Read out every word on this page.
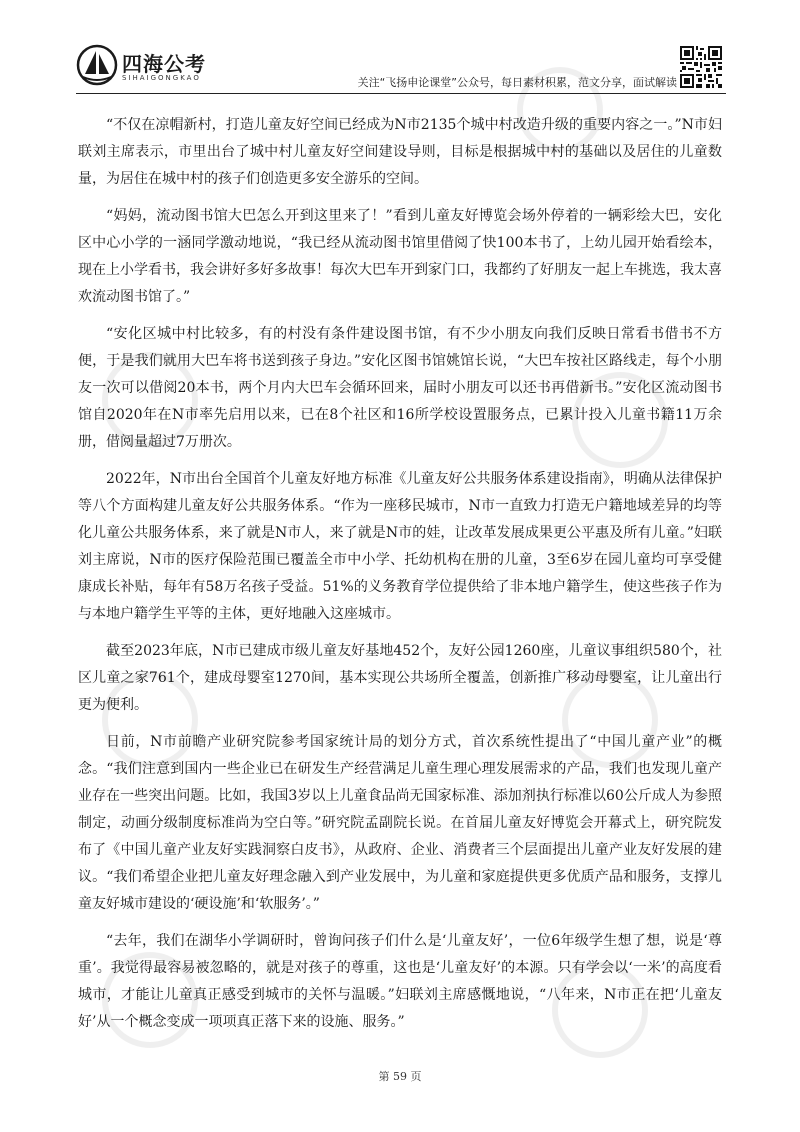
四海公考
SIHAIGONGKAO	关注“飞扬申论课堂”公众号，每日素材积累，范文分享，面试解读

“不仅在凉帽新村，打造儿童友好空间已经成为N市2135个城中村改造升级的重要内容之一。”N市妇联刘主席表示，市里出台了城中村儿童友好空间建设导则，目标是根据城中村的基础以及居住的儿童数量，为居住在城中村的孩子们创造更多安全游乐的空间。

“妈妈，流动图书馆大巴怎么开到这里来了！”看到儿童友好博览会场外停着的一辆彩绘大巴，安化区中心小学的一涵同学激动地说，“我已经从流动图书馆里借阅了快100本书了，上幼儿园开始看绘本，现在上小学看书，我会讲好多好多故事！每次大巴车开到家门口，我都约了好朋友一起上车挑选，我太喜欢流动图书馆了。”

“安化区城中村比较多，有的村没有条件建设图书馆，有不少小朋友向我们反映日常看书借书不方便，于是我们就用大巴车将书送到孩子身边。”安化区图书馆姚馆长说，“大巴车按社区路线走，每个小朋友一次可以借阅20本书，两个月内大巴车会循环回来，届时小朋友可以还书再借新书。”安化区流动图书馆自2020年在N市率先启用以来，已在8个社区和16所学校设置服务点，已累计投入儿童书籍11万余册，借阅量超过7万册次。

2022年，N市出台全国首个儿童友好地方标准《儿童友好公共服务体系建设指南》，明确从法律保护等八个方面构建儿童友好公共服务体系。“作为一座移民城市，N市一直致力打造无户籍地域差异的均等化儿童公共服务体系，来了就是N市人，来了就是N市的娃，让改革发展成果更公平惠及所有儿童。”妇联刘主席说，N市的医疗保险范围已覆盖全市中小学、托幼机构在册的儿童，3至6岁在园儿童均可享受健康成长补贴，每年有58万名孩子受益。51%的义务教育学位提供给了非本地户籍学生，使这些孩子作为与本地户籍学生平等的主体，更好地融入这座城市。

截至2023年底，N市已建成市级儿童友好基地452个，友好公园1260座，儿童议事组织580个，社区儿童之家761个，建成母婴室1270间，基本实现公共场所全覆盖，创新推广移动母婴室，让儿童出行更为便利。

日前，N市前瞻产业研究院参考国家统计局的划分方式，首次系统性提出了“中国儿童产业”的概念。“我们注意到国内一些企业已在研发生产经营满足儿童生理心理发展需求的产品，我们也发现儿童产业存在一些突出问题。比如，我国3岁以上儿童食品尚无国家标准、添加剂执行标准以60公斤成人为参照制定，动画分级制度标准尚为空白等。”研究院孟副院长说。在首届儿童友好博览会开幕式上，研究院发布了《中国儿童产业友好实践洞察白皮书》，从政府、企业、消费者三个层面提出儿童产业友好发展的建议。“我们希望企业把儿童友好理念融入到产业发展中，为儿童和家庭提供更多优质产品和服务，支撑儿童友好城市建设的‘硬设施’和‘软服务’。”

“去年，我们在湖华小学调研时，曾询问孩子们什么是‘儿童友好’，一位6年级学生想了想，说是‘尊重’。我觉得最容易被忽略的，就是对孩子的尊重，这也是‘儿童友好’的本源。只有学会以‘一米’的高度看城市，才能让儿童真正感受到城市的关怀与温暖。”妇联刘主席感慨地说，“八年来，N市正在把‘儿童友好’从一个概念变成一项项真正落下来的设施、服务。”

第 59 页
